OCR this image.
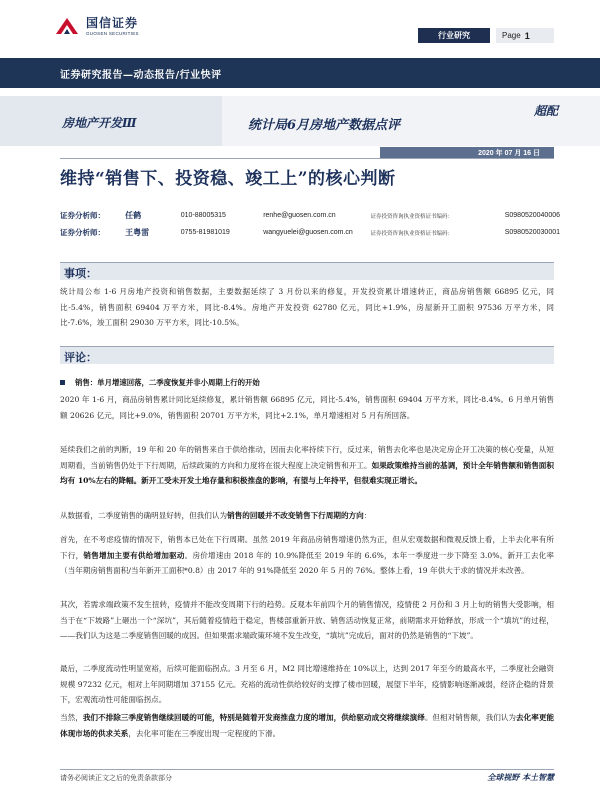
国信证券
GUOSEN SECURITIES	行业研究	Page 1
证券研究报告—动态报告/行业快评
房地产开发Ⅲ	统计局6月房地产数据点评
超配
2020 年 07 月 16 日
维持“销售下、投资稳、竣工上”的核心判断
证券分析师：	任鹤	010-88005315	renhe@guosen.com.cn	证券投资咨询执业资格证书编码：	S0980520040006
证券分析师：	王粤雷	0755-81981019	wangyuelei@guosen.com.cn	证券投资咨询执业资格证书编码：	S0980520030001
事项：
统计局公布 1-6 月房地产投资和销售数据，主要数据延续了 3 月份以来的修复，开发投资累计增速转正，商品房销售额 66895 亿元，同比-5.4%，销售面积 69404 万平方米，同比-8.4%。房地产开发投资 62780 亿元，同比+1.9%，房屋新开工面积 97536 万平方米，同比-7.6%，竣工面积 29030 万平方米，同比-10.5%。
评论：
销售：单月增速回落，二季度恢复并非小周期上行的开始
2020 年 1-6 月，商品房销售累计同比延续修复，累计销售额 66895 亿元，同比-5.4%，销售面积 69404 万平方米，同比-8.4%。6 月单月销售额 20626 亿元，同比+9.0%，销售面积 20701 万平方米，同比+2.1%，单月增速相对 5 月有所回落。
延续我们之前的判断，19 年和 20 年的销售来自于供给推动，因而去化率持续下行，反过来，销售去化率也是决定房企开工决策的核心变量，从短周期看，当前销售仍处于下行周期，后续政策的方向和力度将在很大程度上决定销售和开工。如果政策维持当前的基调，预计全年销售额和销售面积均有 10%左右的降幅。新开工受未开发土地存量和积极推盘的影响，有望与上年持平，但很难实现正增长。
从数据看，二季度销售的确明显好转，但我们认为销售的回暖并不改变销售下行周期的方向：
首先，在不考虑疫情的情况下，销售本已处在下行周期。虽然 2019 年商品房销售增速仍然为正，但从宏观数据和微观反馈上看，上半去化率有所下行，销售增加主要有供给增加驱动。房价增速由 2018 年的 10.9%降低至 2019 年的 6.6%，本年一季度进一步下降至 3.0%。新开工去化率（当年期房销售面积/当年新开工面积*0.8）由 2017 年的 91%降低至 2020 年 5 月的 76%。整体上看，19 年供大于求的情况并未改善。
其次，若需求端政策不发生扭转，疫情并不能改变周期下行的趋势。反观本年前四个月的销售情况，疫情使 2 月份和 3 月上旬的销售大受影响，相当于在“下坡路”上砸出一个“深坑”，其后随着疫情趋于稳定，售楼部重新开放、销售活动恢复正常，前期需求开始释放，形成一个“填坑”的过程，——我们认为这是二季度销售回暖的成因。但如果需求端政策环境不发生改变，“填坑”完成后，面对的仍然是销售的“下坡”。
最后，二季度流动性明显宽裕，后续可能面临拐点。3 月至 6 月，M2 同比增速维持在 10%以上，达到 2017 年至今的最高水平，二季度社会融资规模 97232 亿元，相对上年同期增加 37155 亿元。充裕的流动性供给较好的支撑了楼市回暖，展望下半年，疫情影响逐渐减弱，经济企稳的背景下，宏观流动性可能面临拐点。
当然，我们不排除三季度销售继续回暖的可能，特别是随着开发商推盘力度的增加，供给驱动成交将继续演绎。但相对销售额，我们认为去化率更能体现市场的供求关系，去化率可能在三季度出现一定程度的下滑。
请务必阅读正文之后的免责条款部分	全球视野 本土智慧
